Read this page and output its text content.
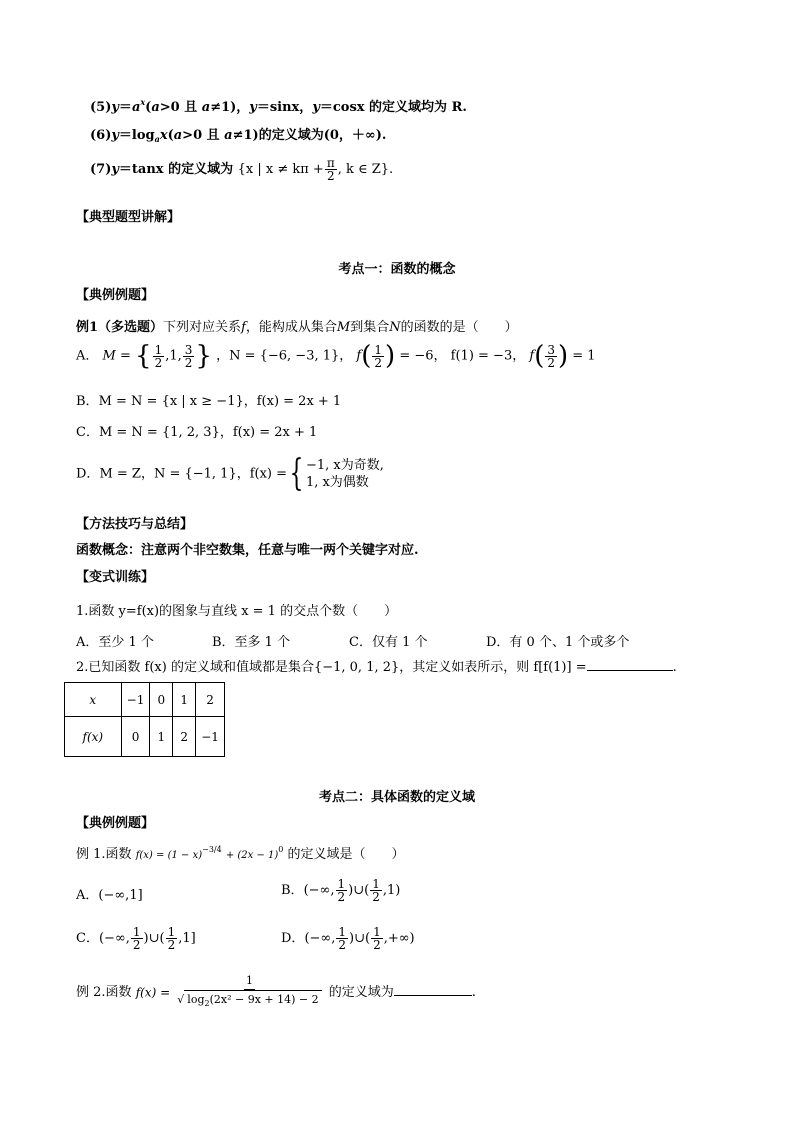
$(5)y=a^x(a>0$ 且 a≠1)，y＝sinx，y＝cosx 的定义域均为 R.
$(6)y=\log_ax(a>0$ 且 a≠1)的定义域为(0，＋∞).
(7)y＝tanx 的定义域为 {x | $x \ne k\pi + \frac{\pi}{2}$ , k ∈ Z}.
【典型题型讲解】
考点一：函数的概念
【典例例题】
例1（多选题）下列对应关系f，能构成从集合M到集合N的函数的是（　　）
A． M = { $\frac{1}{2} ,1$, $\frac{3}{2}$ } ，N = {−6, −3, 1}， $f( \frac{1}{2}$ ) = −6， f(1) = −3， $f( \frac{3}{2}$ ) = 1
B．M = N = {x | x ≥ −1}，f(x) = 2x + 1
C．M = N = {1, 2, 3}，f(x) = 2x + 1
D．M = Z，N = {−1, 1}，f(x) ={ −1, x为奇数,
1, x为偶数
【方法技巧与总结】
函数概念：注意两个非空数集，任意与唯一两个关键字对应.
【变式训练】
1.函数 y=f(x)的图象与直线 x = 1 的交点个数（　　）
A．至少 1 个	B．至多 1 个	C．仅有 1 个	D．有 0 个、1 个或多个
2.已知函数 f(x) 的定义域和值域都是集合{−1, 0, 1, 2}，其定义如表所示，则 f[f(1)] =	.
x	−1	0	1	2
f(x)	0	1	2	−1
考点二：具体函数的定义域
【典例例题】
例 1.函数 $f(x) = (1 - x)^{-3/4} + (2x - 1)^0$ 的定义域是（　　）
A．(−∞,1]	B．(−∞, $\frac{1}{2}$ )∪( $\frac{1}{2} ,1$)
C．(−∞, $\frac{1}{2}$ )∪( $\frac{1}{2} ,1$]	D．(−∞, $\frac{1}{2}$ )∪( $\frac{1}{2}$ ,+∞)
例 2.函数 $f(x) = \frac{1}{√ \log_2(2x^2 - 9x + 14) - 2}$ 的定义域为	.
